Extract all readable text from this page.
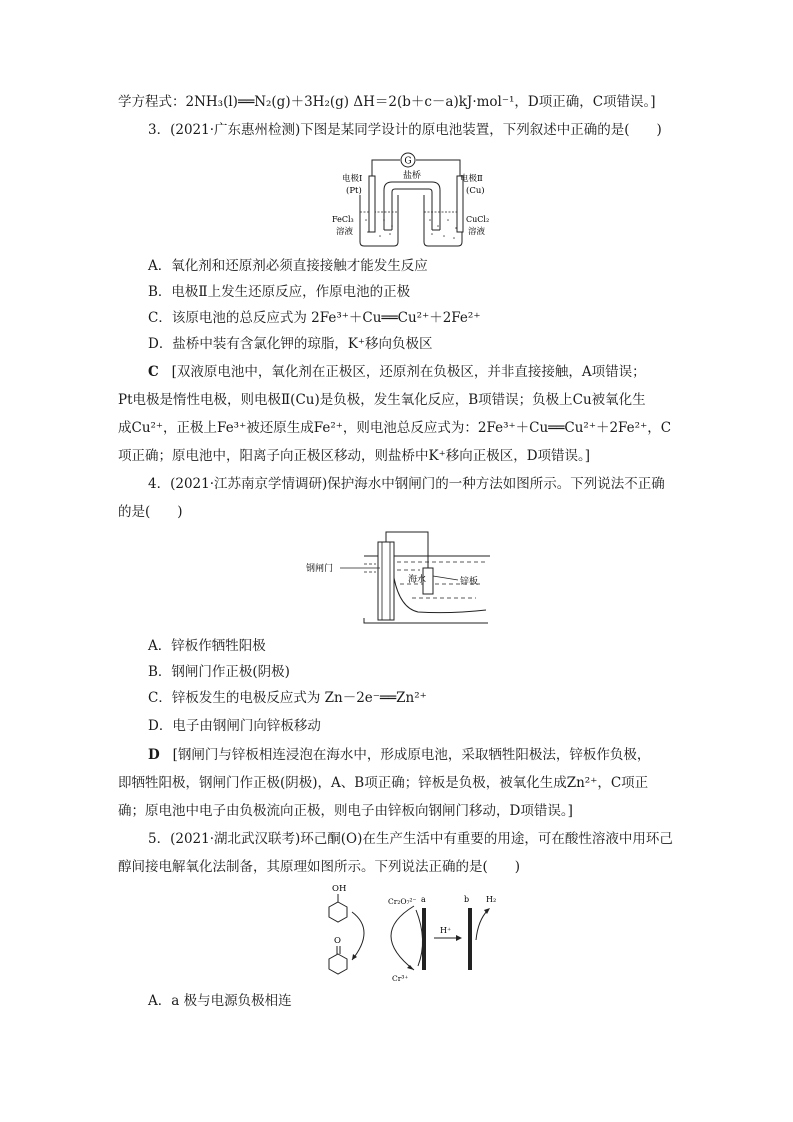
学方程式：2NH₃(l)══N₂(g)＋3H₂(g) ΔH＝2(b＋c－a)kJ·mol⁻¹，D项正确，C项错误。]
3．(2021·广东惠州检测)下图是某同学设计的原电池装置，下列叙述中正确的是(　　)
G
盐桥
电极Ⅰ
(Pt)
电极Ⅱ
(Cu)
FeCl₃
溶液
CuCl₂
溶液
A．氧化剂和还原剂必须直接接触才能发生反应
B．电极Ⅱ上发生还原反应，作原电池的正极
C．该原电池的总反应式为 2Fe³⁺＋Cu══Cu²⁺＋2Fe²⁺
D．盐桥中装有含氯化钾的琼脂，K⁺移向负极区
C [双液原电池中，氧化剂在正极区，还原剂在负极区，并非直接接触，A项错误；
Pt电极是惰性电极，则电极Ⅱ(Cu)是负极，发生氧化反应，B项错误；负极上Cu被氧化生
成Cu²⁺，正极上Fe³⁺被还原生成Fe²⁺，则电池总反应式为：2Fe³⁺＋Cu══Cu²⁺＋2Fe²⁺，C
项正确；原电池中，阳离子向正极区移动，则盐桥中K⁺移向正极区，D项错误。]
4．(2021·江苏南京学情调研)保护海水中钢闸门的一种方法如图所示。下列说法不正确
的是(　　)
钢闸门
海水	锌板
A．锌板作牺牲阳极
B．钢闸门作正极(阴极)
C．锌板发生的电极反应式为 Zn－2e⁻══Zn²⁺
D．电子由钢闸门向锌板移动
D [钢闸门与锌板相连浸泡在海水中，形成原电池，采取牺牲阳极法，锌板作负极，
即牺牲阳极，钢闸门作正极(阴极)，A、B项正确；锌板是负极，被氧化生成Zn²⁺，C项正
确；原电池中电子由负极流向正极，则电子由锌板向钢闸门移动，D项错误。]
5．(2021·湖北武汉联考)环己酮(O)在生产生活中有重要的用途，可在酸性溶液中用环己
醇间接电解氧化法制备，其原理如图所示。下列说法正确的是(　　)
OH
O
Cr₂O₇²⁻
Cr³⁺
a
H⁺
b H₂
A．a 极与电源负极相连
